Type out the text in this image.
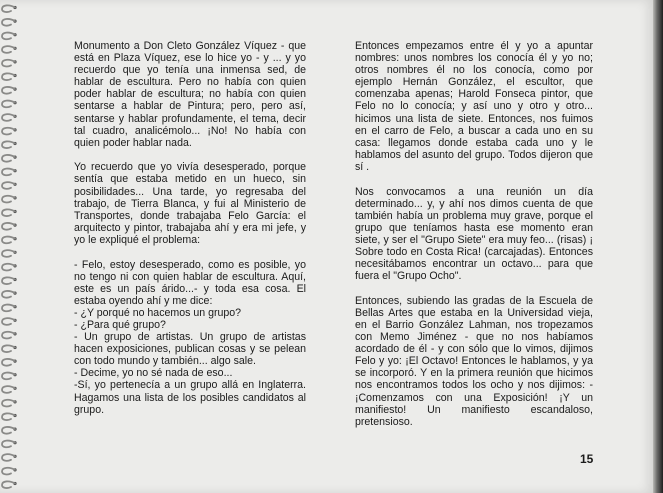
Monumento a Don Cleto González Víquez - que está en Plaza Víquez, ese lo hice yo - y ... y yo recuerdo que yo tenía una inmensa sed, de hablar de escultura. Pero no había con quien poder hablar de escultura; no había con quien sentarse a hablar de Pintura; pero, pero así, sentarse y hablar profundamente, el tema, decir tal cuadro, analicémolo... ¡No! No había con quien poder hablar nada.

Yo recuerdo que yo vivía desesperado, porque sentía que estaba metido en un hueco, sin posibilidades... Una tarde, yo regresaba del trabajo, de Tierra Blanca, y fui al Ministerio de Transportes, donde trabajaba Felo García: el arquitecto y pintor, trabajaba ahí y era mi jefe, y yo le expliqué el problema:

- Felo, estoy desesperado, como es posible, yo no tengo ni con quien hablar de escultura. Aquí, este es un país árido...- y toda esa cosa. El estaba oyendo ahí y me dice:
- ¿Y porqué no hacemos un grupo?
- ¿Para qué grupo?
- Un grupo de artistas. Un grupo de artistas hacen exposiciones, publican cosas y se pelean con todo mundo y también... algo sale.
- Decime, yo no sé nada de eso...
-Sí, yo pertenecía a un grupo allá en Inglaterra. Hagamos una lista de los posibles candidatos al grupo.

Entonces empezamos entre él y yo a apuntar nombres: unos nombres los conocía él y yo no; otros nombres él no los conocía, como por ejemplo Hernán González, el escultor, que comenzaba apenas; Harold Fonseca pintor, que Felo no lo conocía; y así uno y otro y otro... hicimos una lista de siete. Entonces, nos fuimos en el carro de Felo, a buscar a cada uno en su casa: llegamos donde estaba cada uno y le hablamos del asunto del grupo. Todos dijeron que sí .

Nos convocamos a una reunión un día determinado... y, y ahí nos dimos cuenta de que también había un problema muy grave, porque el grupo que teníamos hasta ese momento eran siete, y ser el "Grupo Siete" era muy feo... (risas) ¡ Sobre todo en Costa Rica! (carcajadas). Entonces necesitábamos encontrar un octavo... para que fuera el "Grupo Ocho".

Entonces, subiendo las gradas de la Escuela de Bellas Artes que estaba en la Universidad vieja, en el Barrio González Lahman, nos tropezamos con Memo Jiménez - que no nos habíamos acordado de él - y con sólo que lo vimos, dijimos Felo y yo: ¡El Octavo! Entonces le hablamos, y ya se incorporó. Y en la primera reunión que hicimos nos encontramos todos los ocho y nos dijimos: - ¡Comenzamos con una Exposición! ¡Y un manifiesto! Un manifiesto escandaloso, pretensioso.

15
